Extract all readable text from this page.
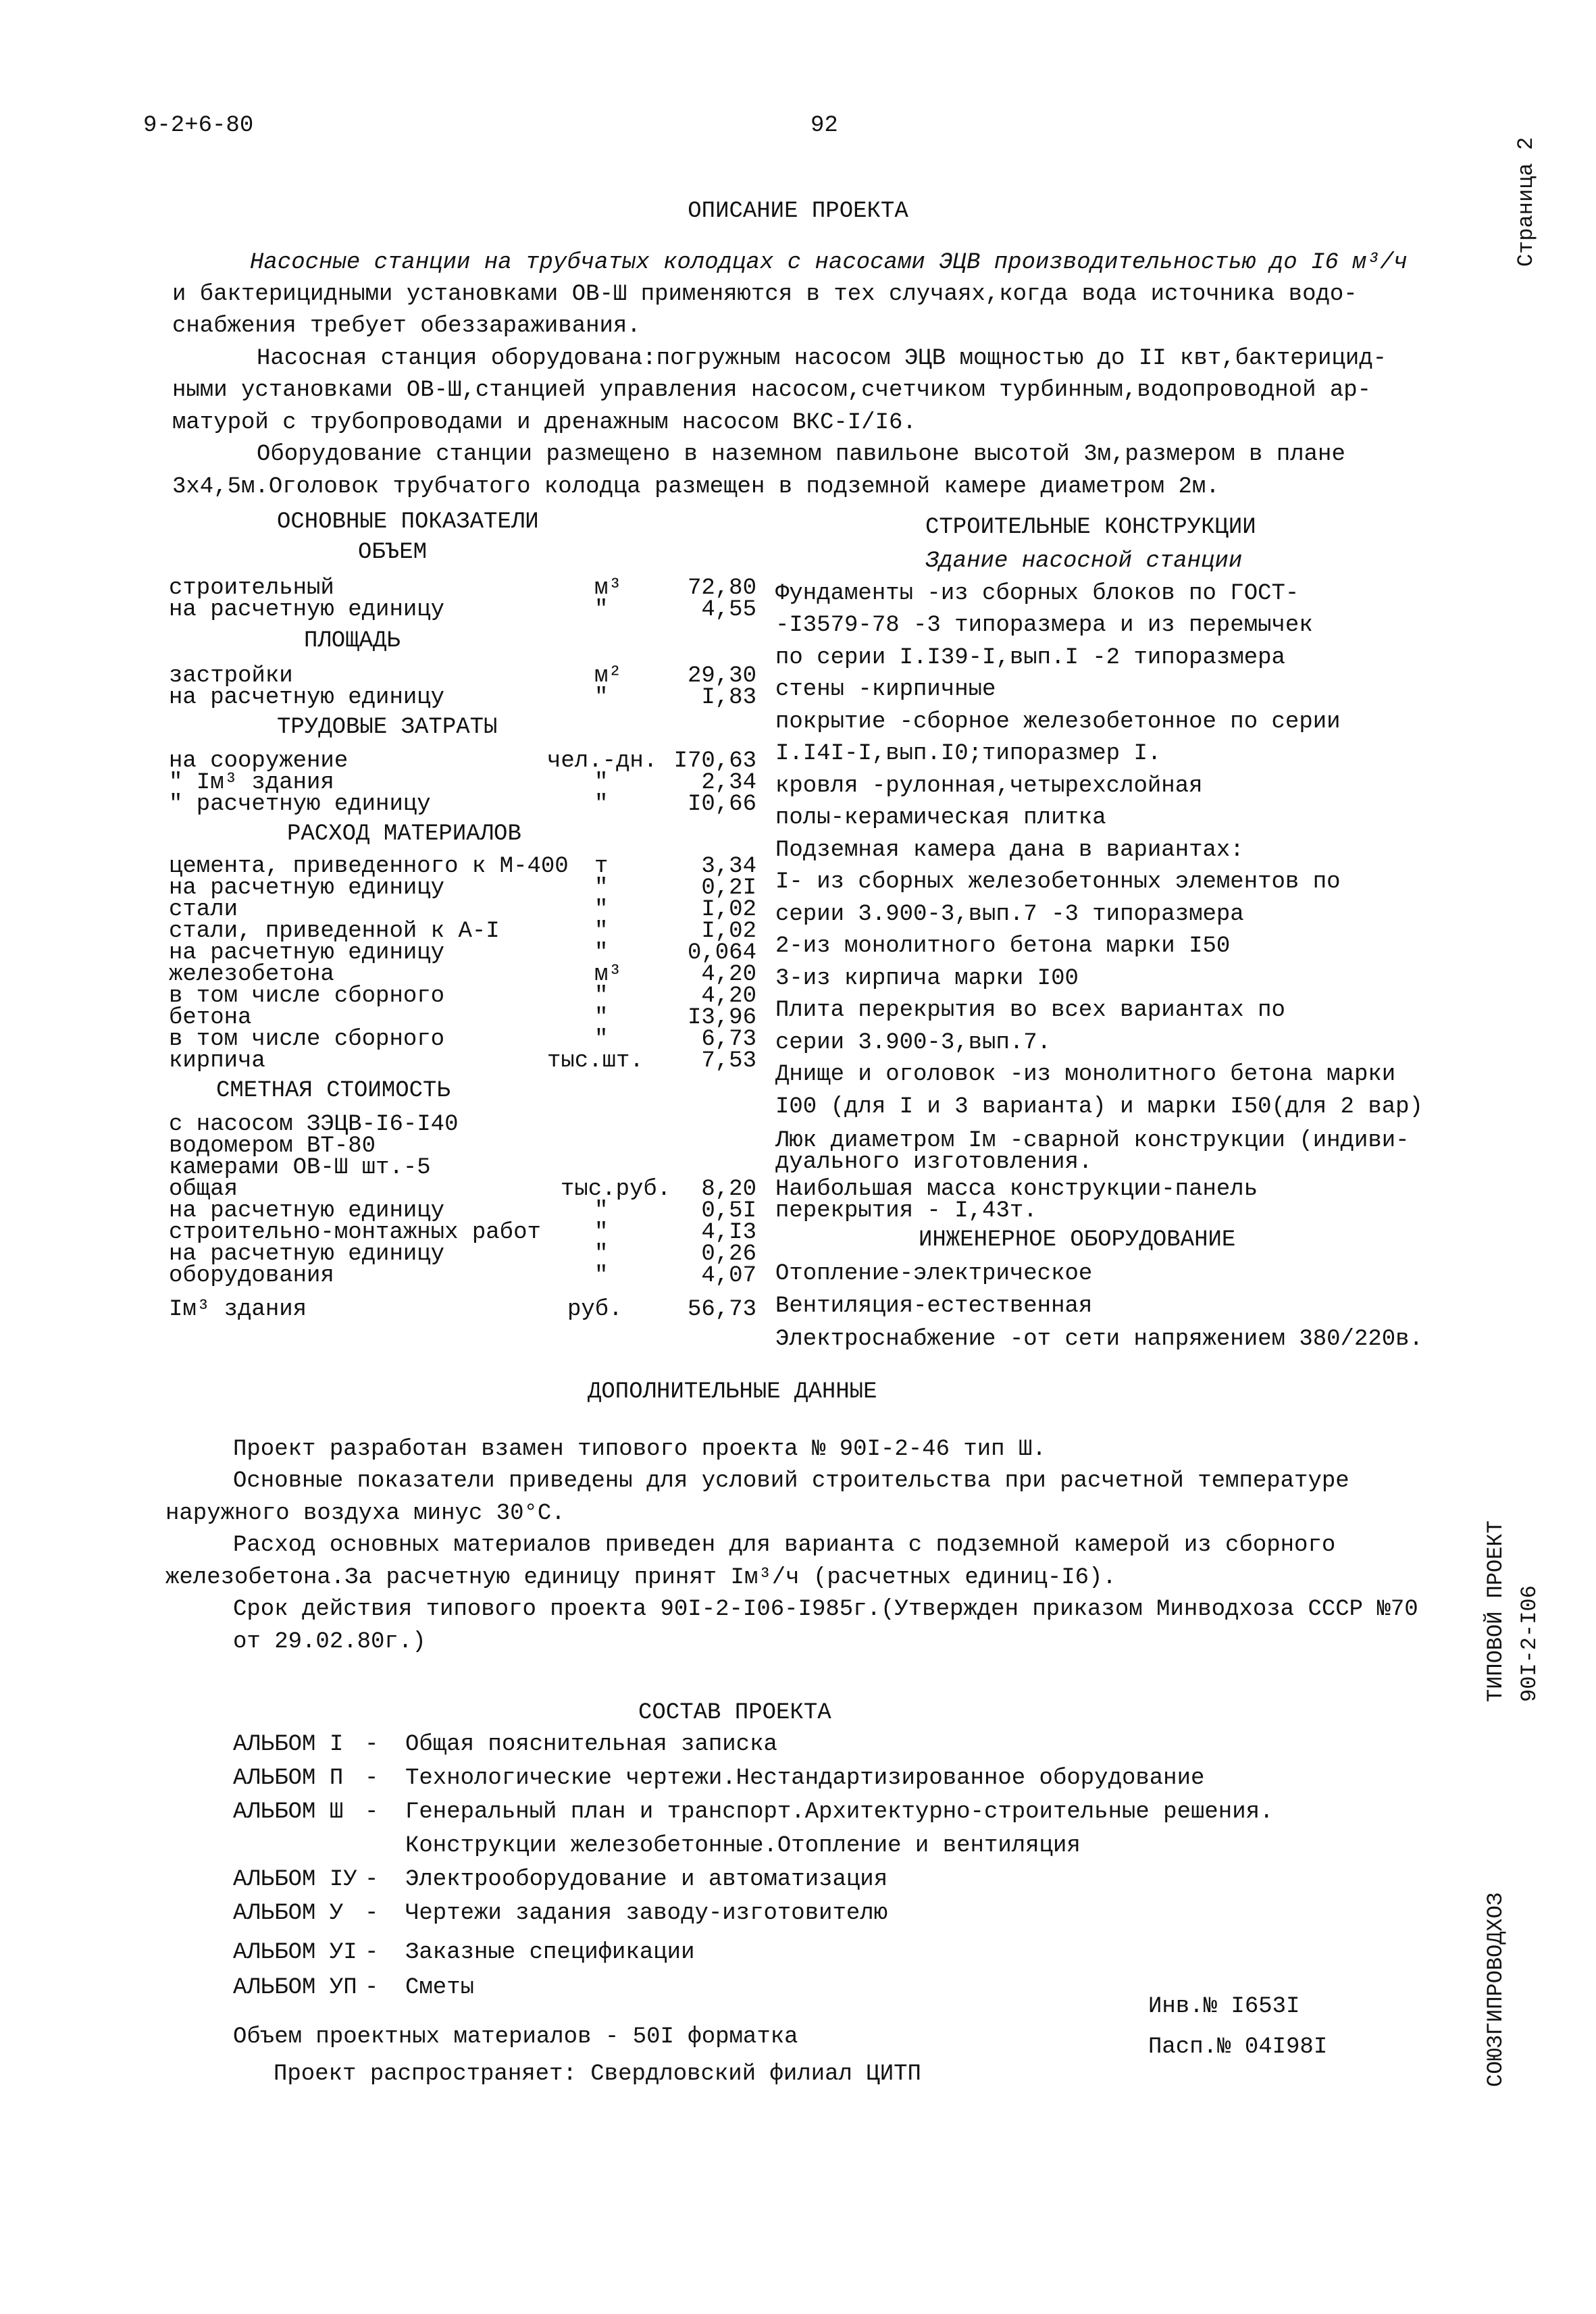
9-2+6-80	92
Страница 2
ТИПОВОЙ ПРОЕКТ 90I-2-I06
СОЮЗГИПРОВОДХОЗ
ОПИСАНИЕ ПРОЕКТА
Насосные станции на трубчатых колодцах с насосами ЭЦВ производительностью до I6 м³/ч
и бактерицидными установками ОВ-Ш применяются в тех случаях,когда вода источника водо-
снабжения требует обеззараживания.
Насосная станция оборудована:погружным насосом ЭЦВ мощностью до II квт,бактерицид-
ными установками ОВ-Ш,станцией управления насосом,счетчиком турбинным,водопроводной ар-
матурой с трубопроводами и дренажным насосом ВКС-I/I6.
Оборудование станции размещено в наземном павильоне высотой 3м,размером в плане
3х4,5м.Оголовок трубчатого колодца размещен в подземной камере диаметром 2м.
ОСНОВНЫЕ ПОКАЗАТЕЛИ
ОБЪЕМ
строительный	м³	72,80
на расчетную единицу	"	4,55
ПЛОЩАДЬ
застройки	м²	29,30
на расчетную единицу	"	I,83
ТРУДОВЫЕ ЗАТРАТЫ
на сооружение	чел.-дн. I70,63
" Iм³ здания	"	2,34
" расчетную единицу	"	I0,66
РАСХОД МАТЕРИАЛОВ
цемента, приведенного к М-400 т	3,34
на расчетную единицу	"	0,2I
стали	"	I,02
стали, приведенной к А-I	"	I,02
на расчетную единицу	"	0,064
железобетона	м³	4,20
в том числе сборного	"	4,20
бетона	"	I3,96
в том числе сборного	"	6,73
кирпича	тыс.шт.	7,53
СМЕТНАЯ СТОИМОСТЬ
с насосом ЗЭЦВ-I6-I40
водомером ВТ-80
камерами ОВ-Ш шт.-5
общая	тыс.руб. 8,20
на расчетную единицу	"	0,5I
строительно-монтажных работ "	4,I3
на расчетную единицу	"	0,26
оборудования	"	4,07
Iм³ здания	руб.	56,73
СТРОИТЕЛЬНЫЕ КОНСТРУКЦИИ
Здание насосной станции
Фундаменты -из сборных блоков по ГОСТ-
-I3579-78 -3 типоразмера и из перемычек
по серии I.I39-I,вып.I -2 типоразмера
стены -кирпичные
покрытие -сборное железобетонное по серии
I.I4I-I,вып.I0;типоразмер I.
кровля -рулонная,четырехслойная
полы-керамическая плитка
Подземная камера дана в вариантах:
I- из сборных железобетонных элементов по
серии 3.900-3,вып.7 -3 типоразмера
2-из монолитного бетона марки I50
3-из кирпича марки I00
Плита перекрытия во всех вариантах по
серии 3.900-3,вып.7.
Днище и оголовок -из монолитного бетона марки
I00 (для I и 3 варианта) и марки I50(для 2 вар)
Люк диаметром Iм -сварной конструкции (индиви-
дуального изготовления.
Наибольшая масса конструкции-панель
перекрытия - I,43т.
ИНЖЕНЕРНОЕ ОБОРУДОВАНИЕ
Отопление-электрическое
Вентиляция-естественная
Электроснабжение -от сети напряжением 380/220в.
ДОПОЛНИТЕЛЬНЫЕ ДАННЫЕ
Проект разработан взамен типового проекта № 90I-2-46 тип Ш.
Основные показатели приведены для условий строительства при расчетной температуре
наружного воздуха минус 30°С.
Расход основных материалов приведен для варианта с подземной камерой из сборного
железобетона.За расчетную единицу принят Iм³/ч (расчетных единиц-I6).
Срок действия типового проекта 90I-2-I06-I985г.(Утвержден приказом Минводхоза СССР №70
от 29.02.80г.)
СОСТАВ ПРОЕКТА
АЛЬБОМ I - Общая пояснительная записка
АЛЬБОМ П - Технологические чертежи.Нестандартизированное оборудование
АЛЬБОМ Ш - Генеральный план и транспорт.Архитектурно-строительные решения.
Конструкции железобетонные.Отопление и вентиляция
АЛЬБОМ IУ - Электрооборудование и автоматизация
АЛЬБОМ У - Чертежи задания заводу-изготовителю
АЛЬБОМ УI - Заказные спецификации
АЛЬБОМ УП - Сметы
Объем проектных материалов - 50I форматка
Проект распространяет: Свердловский филиал ЦИТП
Инв.№ I653I
Пасп.№ 04I98I
